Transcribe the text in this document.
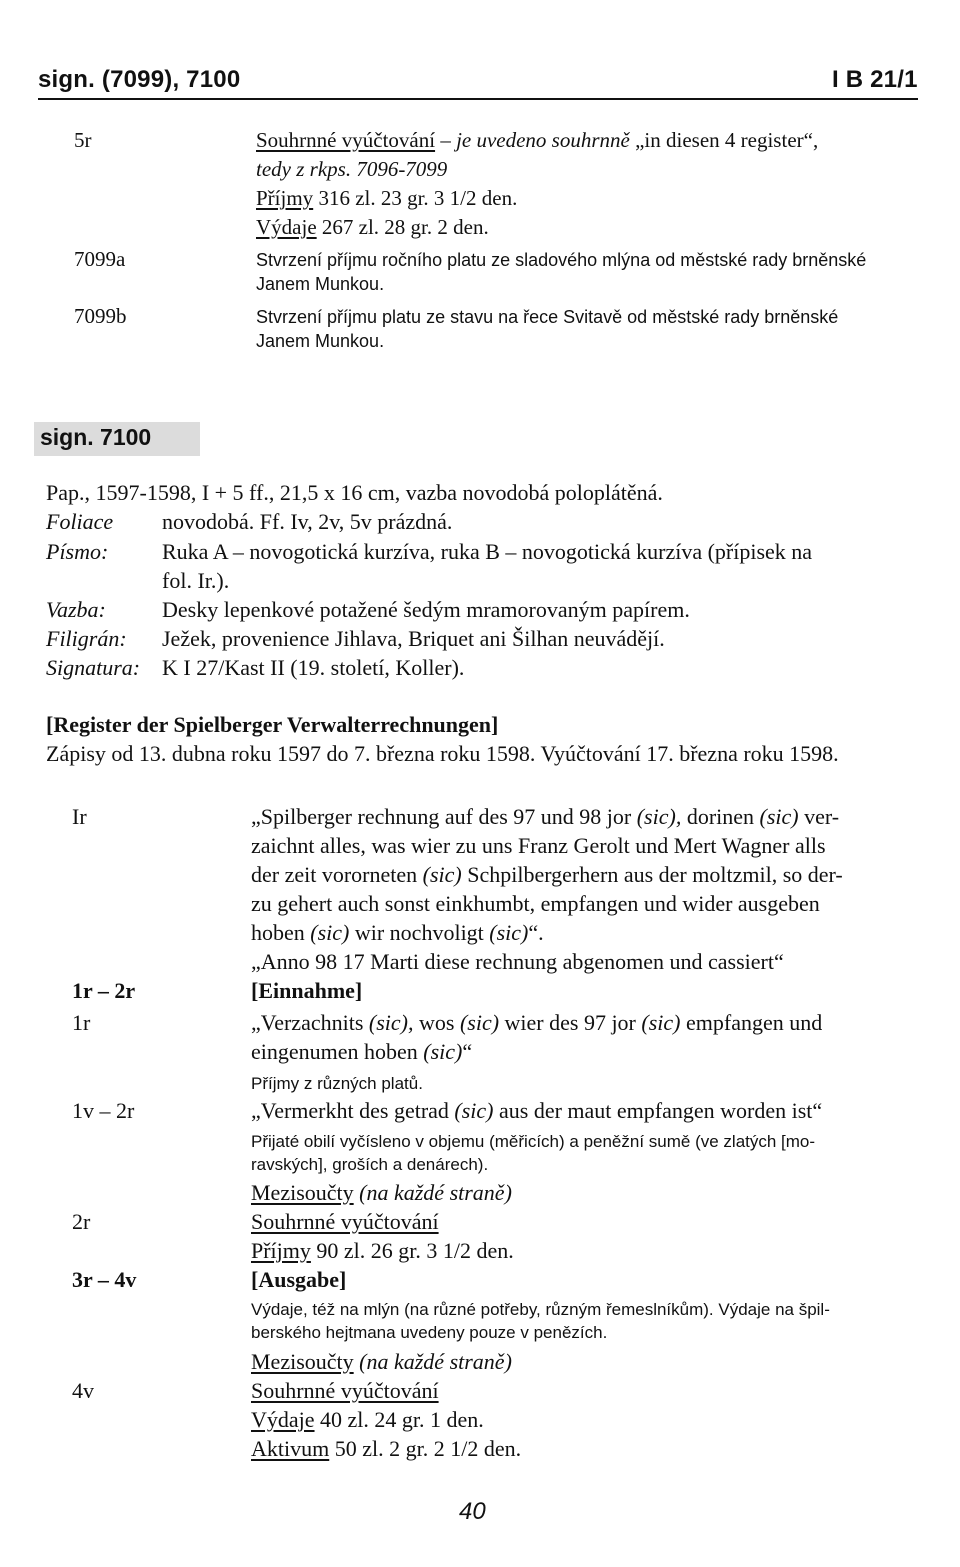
sign. (7099), 7100	I B 21/1
5r	Souhrnné vyúčtování – je uvedeno souhrnně „in diesen 4 register“,
tedy z rkps. 7096-7099
Příjmy 316 zl. 23 gr. 3 1/2 den.
Výdaje 267 zl. 28 gr. 2 den.
7099a	Stvrzení příjmu ročního platu ze sladového mlýna od městské rady brněnské
Janem Munkou.
7099b	Stvrzení příjmu platu ze stavu na řece Svitavě od městské rady brněnské
Janem Munkou.
sign. 7100
Pap., 1597-1598, I + 5 ff., 21,5 x 16 cm, vazba novodobá poloplátěná.
Foliace novodobá. Ff. Iv, 2v, 5v prázdná.
Písmo: Ruka A – novogotická kurzíva, ruka B – novogotická kurzíva (přípisek na
fol. Ir.).
Vazba:	Desky lepenkové potažené šedým mramorovaným papírem.
Filigrán: Ježek, provenience Jihlava, Briquet ani Šilhan neuvádějí.
Signatura: K I 27/Kast II (19. století, Koller).
[Register der Spielberger Verwalterrechnungen]
Zápisy od 13. dubna roku 1597 do 7. března roku 1598. Vyúčtování 17. března roku 1598.
Ir	„Spilberger rechnung auf des 97 und 98 jor (sic), dorinen (sic) ver-
zaichnt alles, was wier zu uns Franz Gerolt und Mert Wagner alls
der zeit vororneten (sic) Schpilbergerhern aus der moltzmil, so der-
zu gehert auch sonst einkhumbt, empfangen und wider ausgeben
hoben (sic) wir nochvoligt (sic)“.
„Anno 98 17 Marti diese rechnung abgenomen und cassiert“
1r – 2r	[Einnahme]
1r	„Verzachnits (sic), wos (sic) wier des 97 jor (sic) empfangen und
eingenumen hoben (sic)“
Příjmy z různých platů.
1v – 2r	„Vermerkht des getrad (sic) aus der maut empfangen worden ist“
Přijaté obilí vyčísleno v objemu (měřicích) a peněžní sumě (ve zlatých [mo-
ravských], groších a denárech).
Mezisoučty (na každé straně)
2r	Souhrnné vyúčtování
Příjmy 90 zl. 26 gr. 3 1/2 den.
3r – 4v	[Ausgabe]
Výdaje, též na mlýn (na různé potřeby, různým řemeslníkům). Výdaje na špil-
berského hejtmana uvedeny pouze v penězích.
Mezisoučty (na každé straně)
4v	Souhrnné vyúčtování
Výdaje 40 zl. 24 gr. 1 den.
Aktivum 50 zl. 2 gr. 2 1/2 den.
40
